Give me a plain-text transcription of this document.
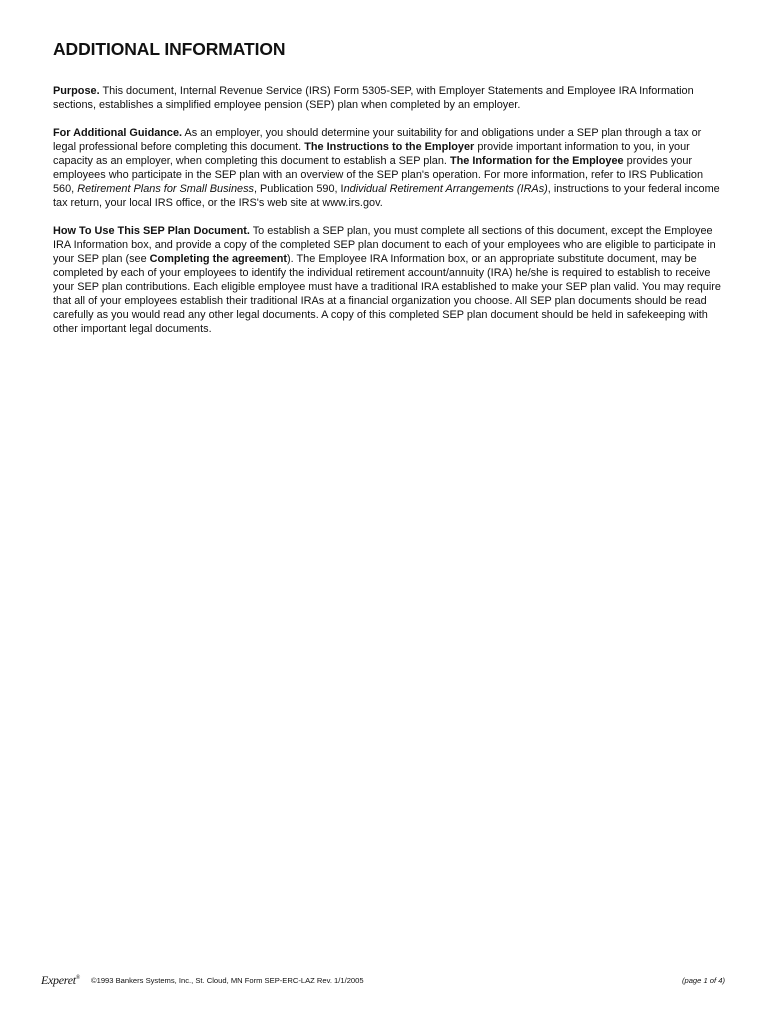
ADDITIONAL INFORMATION

Purpose. This document, Internal Revenue Service (IRS) Form 5305-SEP, with Employer Statements and Employee IRA Information sections, establishes a simplified employee pension (SEP) plan when completed by an employer.

For Additional Guidance. As an employer, you should determine your suitability for and obligations under a SEP plan through a tax or legal professional before completing this document. The Instructions to the Employer provide important information to you, in your capacity as an employer, when completing this document to establish a SEP plan. The Information for the Employee provides your employees who participate in the SEP plan with an overview of the SEP plan's operation. For more information, refer to IRS Publication 560, Retirement Plans for Small Business, Publication 590, Individual Retirement Arrangements (IRAs), instructions to your federal income tax return, your local IRS office, or the IRS's web site at www.irs.gov.

How To Use This SEP Plan Document. To establish a SEP plan, you must complete all sections of this document, except the Employee IRA Information box, and provide a copy of the completed SEP plan document to each of your employees who are eligible to participate in your SEP plan (see Completing the agreement). The Employee IRA Information box, or an appropriate substitute document, may be completed by each of your employees to identify the individual retirement account/annuity (IRA) he/she is required to establish to receive your SEP plan contributions. Each eligible employee must have a traditional IRA established to make your SEP plan valid. You may require that all of your employees establish their traditional IRAs at a financial organization you choose. All SEP plan documents should be read carefully as you would read any other legal documents. A copy of this completed SEP plan document should be held in safekeeping with other important legal documents.

Experet® ©1993 Bankers Systems, Inc., St. Cloud, MN Form SEP-ERC-LAZ Rev. 1/1/2005	(page 1 of 4)
